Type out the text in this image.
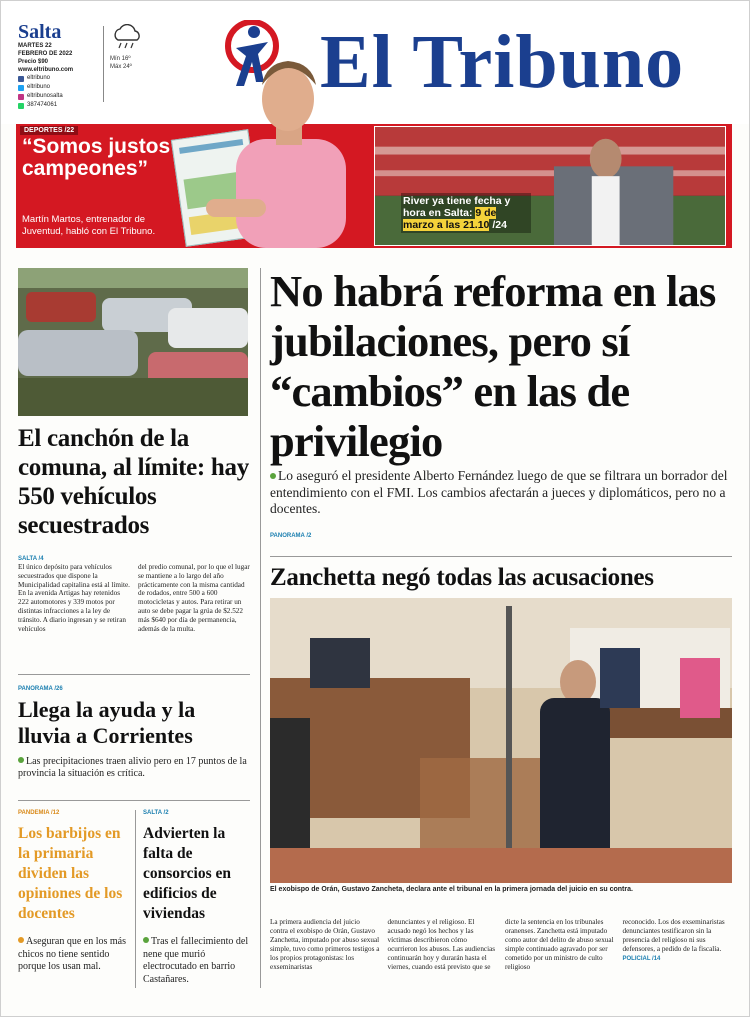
Salta
MARTES 22
FEBRERO DE 2022
Precio $90
www.eltribuno.com
eltribuno
eltribuno
eltribunosalta
387474061
Mín 16º
Máx 24º El Tribuno
DEPORTES /22
“Somos justos campeones”
Martín Martos, entrenador de Juventud, habló con El Tribuno.
River ya tiene fecha y hora en Salta: 9 de marzo a las 21.10 /24
El canchón de la comuna, al límite: hay 550 vehículos secuestrados
SALTA /4

El único depósito para vehículos secuestrados que dispone la Municipalidad capitalina está al límite. En la avenida Artigas hay retenidos 222 automotores y 339 motos por distintas infracciones a la ley de tránsito. A diario ingresan y se retiran vehículos

del predio comunal, por lo que el lugar se mantiene a lo largo del año prácticamente con la misma cantidad de rodados, entre 500 a 600 motocicletas y autos. Para retirar un auto se debe pagar la grúa de $2.522 más $640 por día de permanencia, además de la multa.

PANORAMA /26
Llega la ayuda y la lluvia a Corrientes
Las precipitaciones traen alivio pero en 17 puntos de la provincia la situación es crítica.
PANDEMIA /12
Los barbijos en la primaria dividen las opiniones de los docentes
Aseguran que en los más chicos no tiene sentido porque los usan mal.
SALTA /2
Advierten la falta de consorcios en edificios de viviendas
Tras el fallecimiento del nene que murió electrocutado en barrio Castañares.
No habrá reforma en las jubilaciones, pero sí “cambios” en las de privilegio
Lo aseguró el presidente Alberto Fernández luego de que se filtrara un borrador del entendimiento con el FMI. Los cambios afectarán a jueces y diplomáticos, pero no a docentes.
PANORAMA /2
Zanchetta negó todas las acusaciones
El exobispo de Orán, Gustavo Zancheta, declara ante el tribunal en la primera jornada del juicio en su contra.

La primera audiencia del juicio contra el exobispo de Orán, Gustavo Zanchetta, imputado por abuso sexual simple, tuvo como primeros testigos a los propios protagonistas: los exseminaristas

denunciantes y el religioso. El acusado negó los hechos y las víctimas describieron cómo ocurrieron los abusos. Las audiencias continuarán hoy y durarán hasta el viernes, cuando está previsto que se

dicte la sentencia en los tribunales oranenses. Zanchetta está imputado como autor del delito de abuso sexual simple continuado agravado por ser cometido por un ministro de culto religioso

reconocido. Los dos exseminaristas denunciantes testificaron sin la presencia del religioso ni sus defensores, a pedido de la fiscalía.
POLICIAL /14
